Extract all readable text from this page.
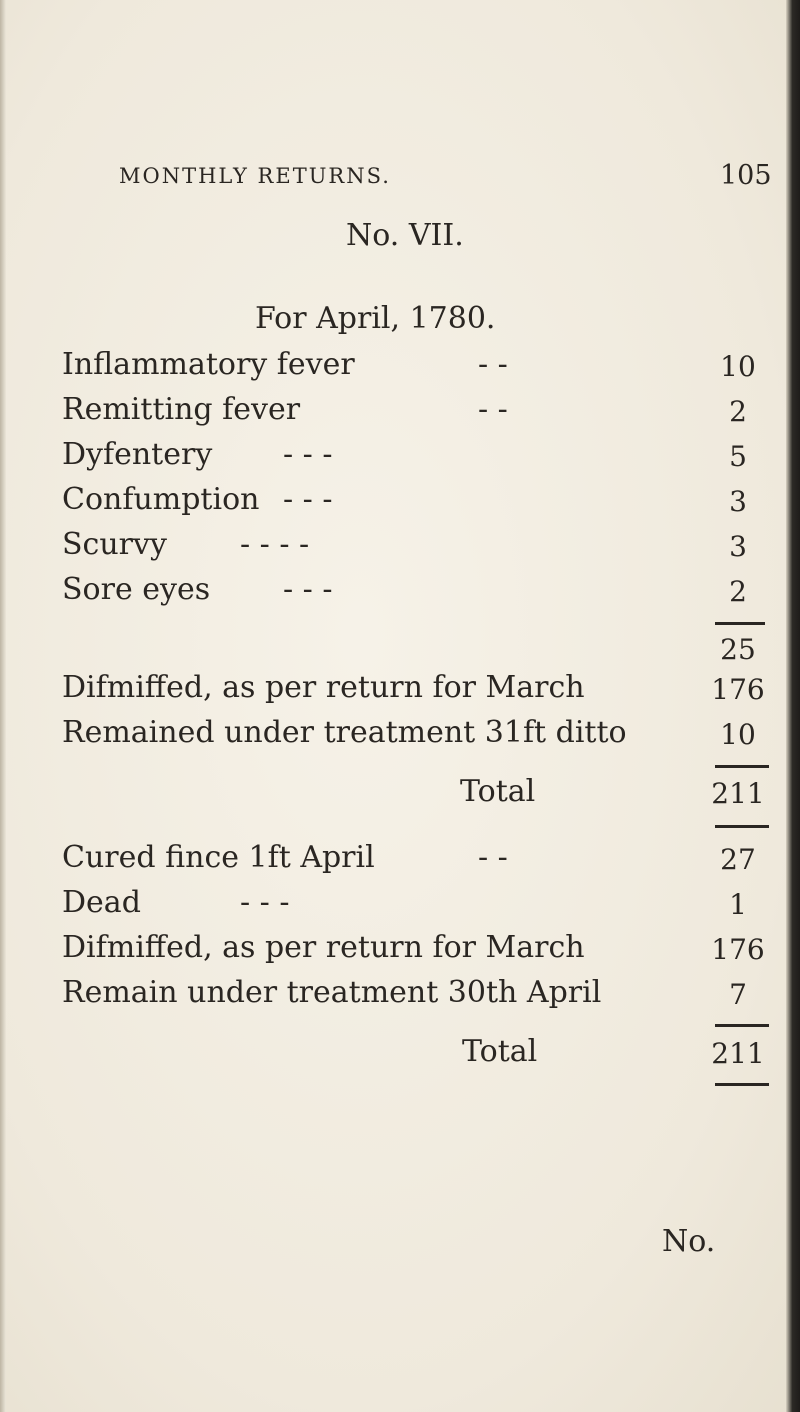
MONTHLY RETURNS.	105
No. VII.
For April, 1780.
Inflammatory fever	- -	10
Remitting fever	- -	2
Dyfentery - - -	5
Confumption - - -	3
Scurvy - - - -	3
Sore eyes - - -	2
25
Difmiffed, as per return for March	176
Remained under treatment 31ft ditto	10
Total	211
Cured fince 1ft April	- -	27
Dead	- - -	1
Difmiffed, as per return for March	176
Remain under treatment 30th April	7
Total	211
No.
